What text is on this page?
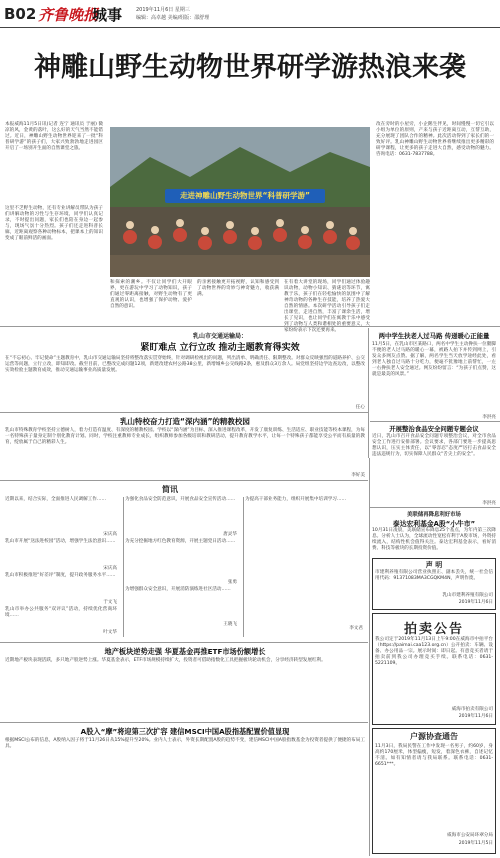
B02 齐鲁晚报
城事	2019年11月6日 星期三
编辑：高卓越 美编/组版：邵舒理
神雕山野生动物世界研学游热浪来袭
本报威海11月5日讯(记者 连宁 通讯员 于丽) 微凉的风，金黄的落叶，这么好的天气当然不能错过。近日，神雕山野生动物世界迎来了一批“科普研学游”的孩子们，大家兴致勃勃地走进园区开启了一场别开生面的自然课堂之旅。
这里不乏野生动物，还有专业讲解员带队为孩子们讲解动物的习性与生存环境，同学们认真记录，不时提出问题，家长们也陪在身边一起参与，现场气氛十分热烈。孩子们还走进科普长廊，近距离观察各种动物标本，把课本上的知识变成了眼前鲜活的画面。
走进神雕山野生动物世界“科普研学游”
和探索的潮乡。不仅让同学们大开眼界，更在游玩中学习了动物知识，孩子们通过零距离接触，对野生动物有了更直观的认识，也增强了保护动物、爱护自然的意识。
的亲密接触更开拓视野，认知和感受到了动物世界的奇妙与神奇魅力，收获满满。
在有着大讲堂的现场，同学们通过体验趣识动物，动物小知识、猜谜语等环节，寓教于乐，孩子们在轻松愉快的氛围中了解神奇动物的各种生存技能，培养了热爱大自然的情感。本次研学活动引导孩子们走出课堂，走进自然，丰富了课余生活，增长了见识，也让同学们在寓教于乐中感受到了动物与人类和谐相处的重要意义，大家纷纷表示下次还要再来。
改在旁时的小屋旁，小企鹅生伴见，时间慢慢一切它引以小组为单位的原则，产来与孩子近距离互动，互帮互助，充分展现了团队合作的精神。此次活动得到了家长们的一致好评。乳山神雕山野生动物世界将继续推出更多精彩的研学课程，让更多的孩子走进大自然，感受动物的魅力。咨询电话：0631-7837788。
乳山市交通运输局：
紧盯难点 立行立改 推动主题教育得实效
在“不忘初心、牢记使命”主题教育中，乳山市交通运输局坚持将整改落实贯穿始终，针对调研检视出的问题，列出清单、明确责任、限期整改。对群众反映强烈的道路养护、公交运营等问题，立行立改，即知即改。截至目前，已整改完成问题12项，新建改建农村公路38公里，新增城乡公交线路2条，惠及群众3万余人。局党组坚持边学边查边改，以整改实效检验主题教育成效，推动交通运输事业高质量发展。
任心
乳山特校奋力打造“深内涵”的精教校园
乳山市特殊教育学校坚持立德树人，着力打造有温度、有深度的精教校园。学校以“深内涵”为目标，深入推进课程改革，开发了康复训练、生活适应、职业技能等校本课程，为每一名特殊孩子量身定制个别化教育计划。同时，学校注重教师专业成长，组织教师参加各级培训和教研活动，提升教育教学水平，让每一个特殊孩子都能享受公平而有质量的教育，绽放属于自己的精彩人生。
李好美
简讯
近期以来，结合实际，全面推进人民调解工作……
宋庆高
乳山市开展“送法进校园”活动，增强学生法治意识……
宋庆高
乳山市积极推进“好差评”制度，提升政务服务水平……
于文飞
乳山市举办公共服务“双评议”活动，持续优化营商环境……
叶文华
为强化食品安全防范意识，开展食品安全宣传活动……
唐灵华
为充分挖掘地方红色教育资源，开展主题党日活动……
张勇
为增强群众安全意识，开展消防演练进社区活动……
王晓飞
为提高干部业务能力，组织开展集中培训学习……
李文君
两中学生扶老人过马路 传递暖心正能量
11月5日，在乳山市区某路口，两名中学生主动搀扶一位腿脚不便的老人过马路的暖心一幕，被路人拍下并传到网上，引发众多网友点赞。据了解，两名学生当天放学途经此处，看到老人独自过马路十分吃力，便毫不犹豫地上前帮忙，一左一右搀扶老人安全通过。网友纷纷留言：“为孩子们点赞，这就是最美的风景。”
李洪亮
开展整治食品安全问题专题会议
近日，乳山市召开食品安全问题专项整治会议，对全市食品安全工作进行安排部署。会议要求，各部门要进一步提高思想认识，压实主体责任，以“零容忍”态度严厉打击食品安全违法违规行为，切实保障人民群众“舌尖上的安全”。
李洪亮
美联储再降息利好市场
泰达宏利基金A股“小牛市”
10月31日凌晨，美联储宣布降息25个基点，为年内第三次降息。分析人士认为，全球流动性宽松有利于A股市场，外资持续流入，结构性机会值得关注。泰达宏利基金表示，看好消费、科技等板块的长期投资价值。
声 明
市建利养殖有限公司营业执照正、副本丢失，统一社会信用代码：91371083MA3CGQKM4N，声明作废。
乳山市建利养殖有限公司
2019年11月6日
拍卖公告
我公司定于2019年11月13日上午9:00在威海市中拍平台（https://paimai.caa123.org.cn）公开拍卖：车辆、设备、办公用品一宗。展示时间：即日起。有意竞买者请于拍卖前到我公司办理竞买手续。联系电话：0631-5221109。
威海市拍卖有限公司
2019年11月6日
户源协查通告
11月3日，我局民警在工作中发现一名男子，约60岁，身高约170厘米，体型偏瘦，短发，着深色衣裤，自述记忆不清。如有知情者请与我局联系。联系电话：0631-6651***。
威海市公安局环翠分局
2019年11月5日
地产板块逆势走强 华夏基金再推ETF市场份额增长
近期地产板块表现活跃，多只地产股逆势上涨。华夏基金表示，ETF市场规模持续扩大，投资者可借助指数化工具把握板块轮动机会，分享经济转型发展红利。
A股入“摩”将迎第三次扩容 建信MSCI中国A股指基配置价值显现
根据MSCI公布的信息，A股纳入因子将于11月26日从15%提升至20%。业内人士表示，外资长期配置A股的趋势不变，建信MSCI中国A股指数基金为投资者提供了便捷的布局工具。
